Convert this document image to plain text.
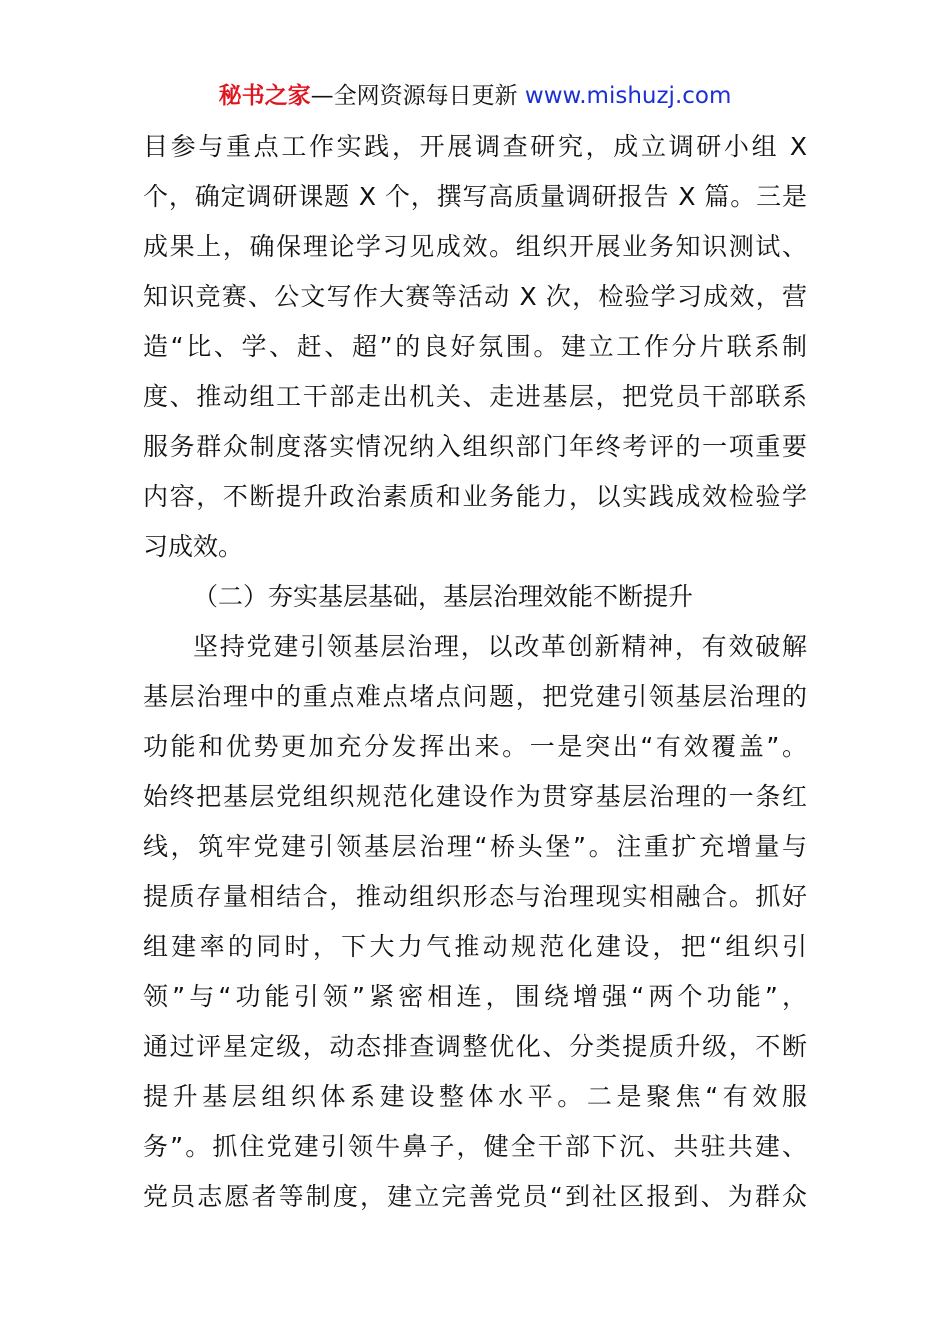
秘书之家—全网资源每日更新 www.mishuzj.com
目参与重点工作实践，开展调查研究，成立调研小组 X
个，确定调研课题 X 个，撰写高质量调研报告 X 篇。三是
成果上，确保理论学习见成效。组织开展业务知识测试、
知识竞赛、公文写作大赛等活动 X 次，检验学习成效，营
造“比、学、赶、超”的良好氛围。建立工作分片联系制
度、推动组工干部走出机关、走进基层，把党员干部联系
服务群众制度落实情况纳入组织部门年终考评的一项重要
内容，不断提升政治素质和业务能力，以实践成效检验学
习成效。
（二）夯实基层基础，基层治理效能不断提升
坚持党建引领基层治理，以改革创新精神，有效破解
基层治理中的重点难点堵点问题，把党建引领基层治理的
功能和优势更加充分发挥出来。一是突出“有效覆盖”。
始终把基层党组织规范化建设作为贯穿基层治理的一条红
线，筑牢党建引领基层治理“桥头堡”。注重扩充增量与
提质存量相结合，推动组织形态与治理现实相融合。抓好
组建率的同时，下大力气推动规范化建设，把“组织引
领”与“功能引领”紧密相连，围绕增强“两个功能”，
通过评星定级，动态排查调整优化、分类提质升级，不断
提升基层组织体系建设整体水平。二是聚焦“有效服
务”。抓住党建引领牛鼻子，健全干部下沉、共驻共建、
党员志愿者等制度，建立完善党员“到社区报到、为群众
